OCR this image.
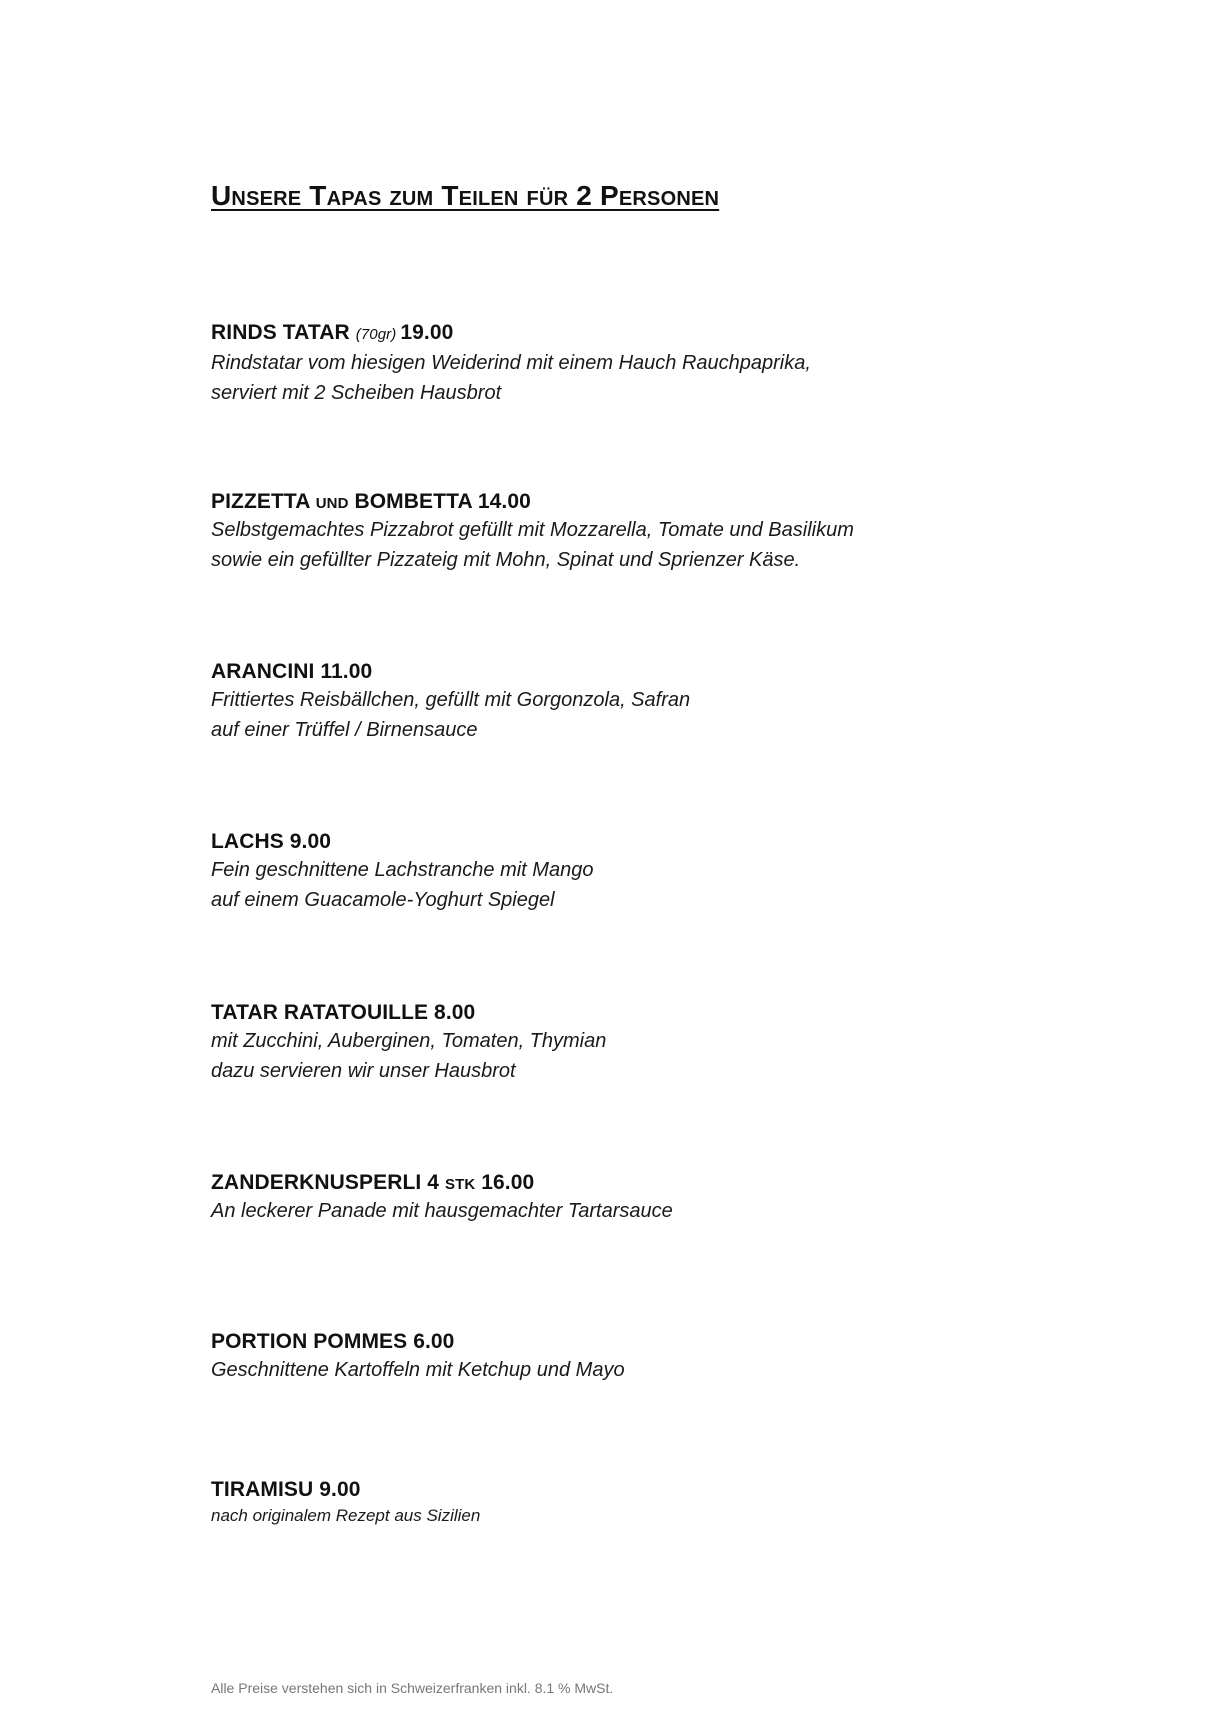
Unsere Tapas zum Teilen für 2 Personen
RINDS TATAR (70gr) 19.00
Rindstatar vom hiesigen Weiderind mit einem Hauch Rauchpaprika,
serviert mit 2 Scheiben Hausbrot
PIZZETTA und BOMBETTA 14.00
Selbstgemachtes Pizzabrot gefüllt mit Mozzarella, Tomate und Basilikum
sowie ein gefüllter Pizzateig mit Mohn, Spinat und Sprienzer Käse.
ARANCINI 11.00
Frittiertes Reisbällchen, gefüllt mit Gorgonzola, Safran
auf einer Trüffel / Birnensauce
LACHS 9.00
Fein geschnittene Lachstranche mit Mango
auf einem Guacamole-Yoghurt Spiegel
TATAR RATATOUILLE 8.00
mit Zucchini, Auberginen, Tomaten, Thymian
dazu servieren wir unser Hausbrot
ZANDERKNUSPERLI 4 stk 16.00
An leckerer Panade mit hausgemachter Tartarsauce
PORTION POMMES 6.00
Geschnittene Kartoffeln mit Ketchup und Mayo
TIRAMISU 9.00
nach originalem Rezept aus Sizilien
Alle Preise verstehen sich in Schweizerfranken inkl. 8.1 % MwSt.
